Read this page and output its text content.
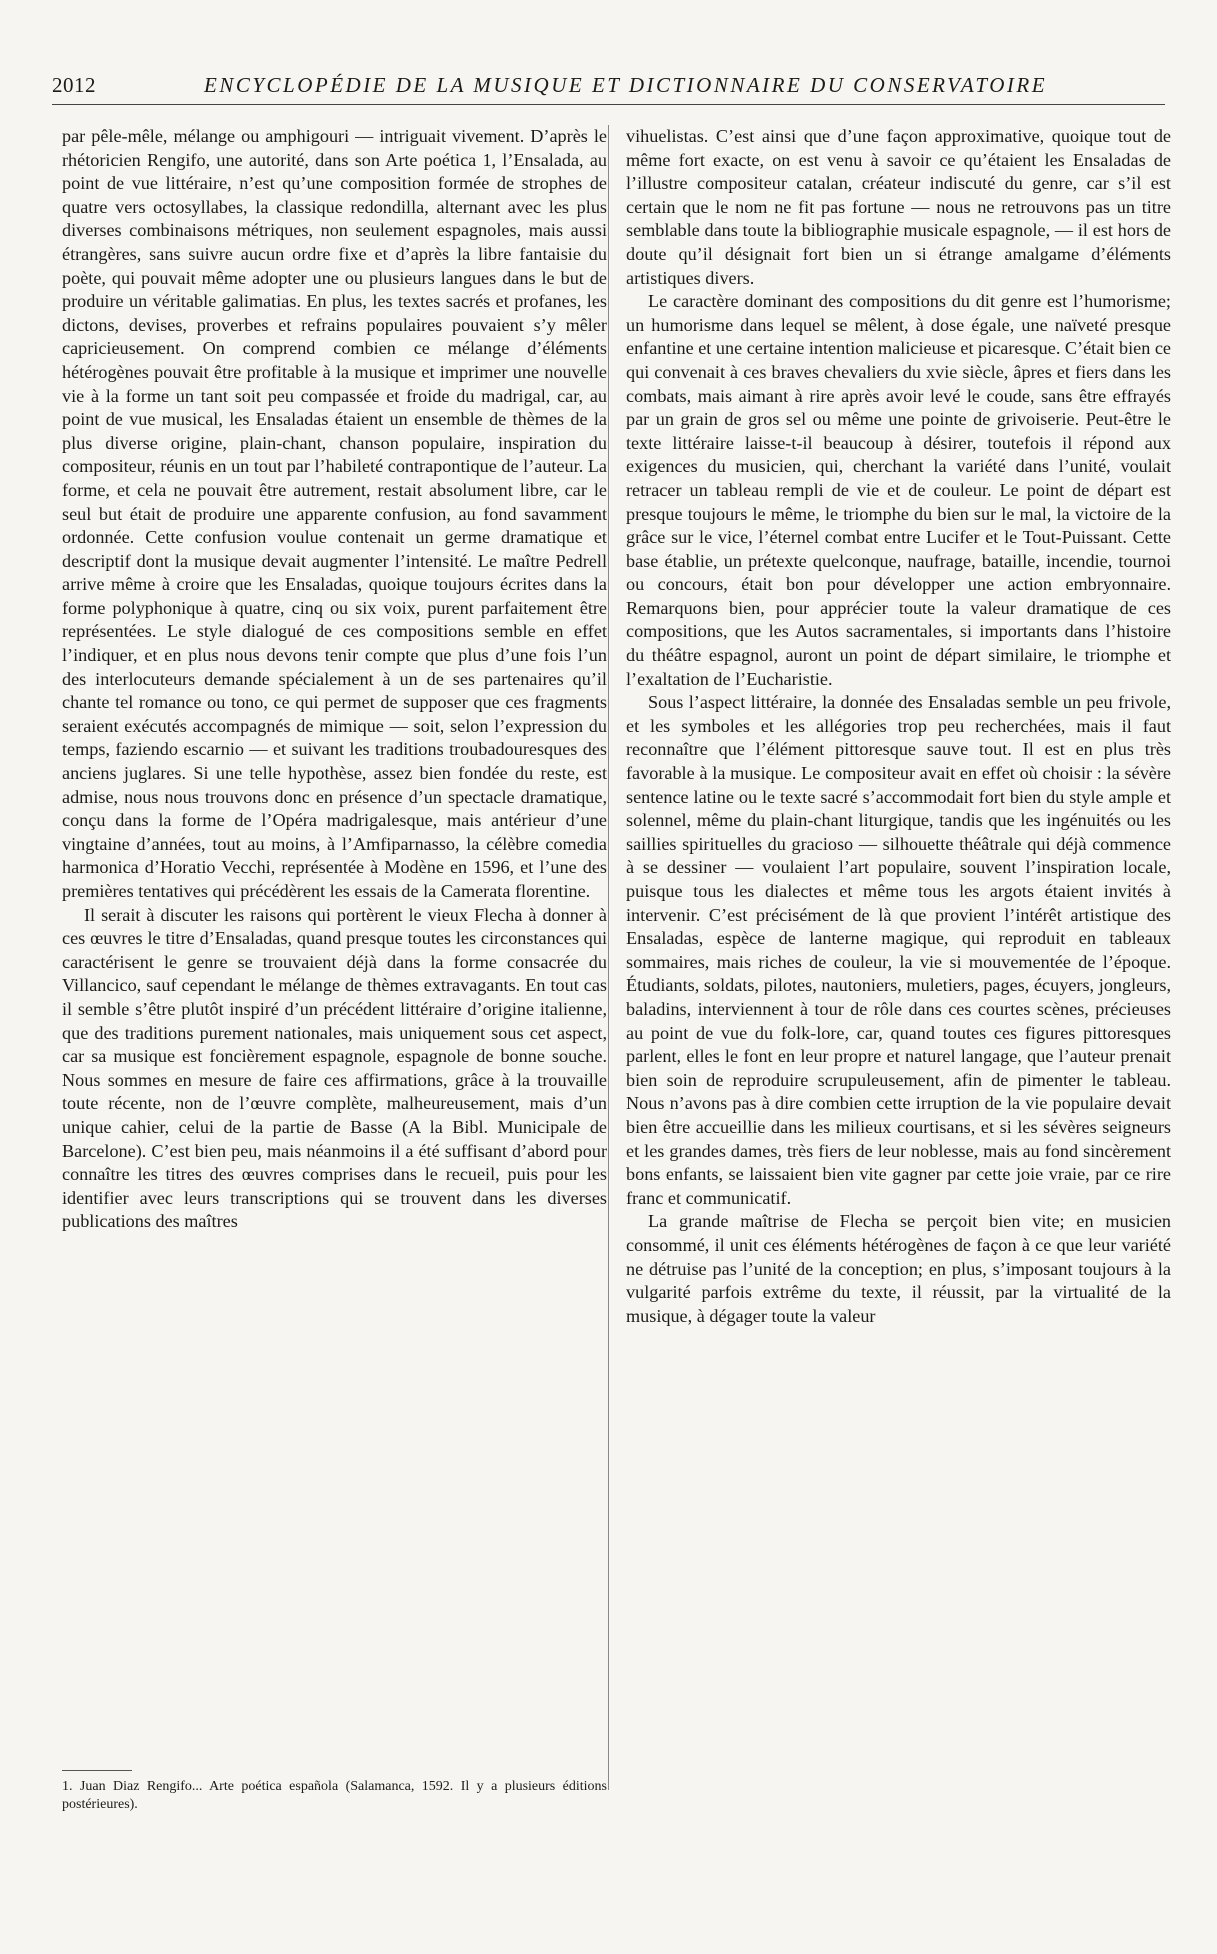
2012	ENCYCLOPÉDIE DE LA MUSIQUE ET DICTIONNAIRE DU CONSERVATOIRE

par pêle-mêle, mélange ou amphigouri — intriguait vivement. D’après le rhétoricien Rengifo, une autorité, dans son Arte poética 1, l’Ensalada, au point de vue littéraire, n’est qu’une composition formée de strophes de quatre vers octosyllabes, la classique redondilla, alternant avec les plus diverses combinaisons métriques, non seulement espagnoles, mais aussi étrangères, sans suivre aucun ordre fixe et d’après la libre fantaisie du poète, qui pouvait même adopter une ou plusieurs langues dans le but de produire un véritable galimatias. En plus, les textes sacrés et profanes, les dictons, devises, proverbes et refrains populaires pouvaient s’y mêler capricieusement. On comprend combien ce mélange d’éléments hétérogènes pouvait être profitable à la musique et imprimer une nouvelle vie à la forme un tant soit peu compassée et froide du madrigal, car, au point de vue musical, les Ensaladas étaient un ensemble de thèmes de la plus diverse origine, plain-chant, chanson populaire, inspiration du compositeur, réunis en un tout par l’habileté contrapontique de l’auteur. La forme, et cela ne pouvait être autrement, restait absolument libre, car le seul but était de produire une apparente confusion, au fond savamment ordonnée. Cette confusion voulue contenait un germe dramatique et descriptif dont la musique devait augmenter l’intensité. Le maître Pedrell arrive même à croire que les Ensaladas, quoique toujours écrites dans la forme polyphonique à quatre, cinq ou six voix, purent parfaitement être représentées. Le style dialogué de ces compositions semble en effet l’indiquer, et en plus nous devons tenir compte que plus d’une fois l’un des interlocuteurs demande spécialement à un de ses partenaires qu’il chante tel romance ou tono, ce qui permet de supposer que ces fragments seraient exécutés accompagnés de mimique — soit, selon l’expression du temps, faziendo escarnio — et suivant les traditions troubadouresques des anciens juglares. Si une telle hypothèse, assez bien fondée du reste, est admise, nous nous trouvons donc en présence d’un spectacle dramatique, conçu dans la forme de l’Opéra madrigalesque, mais antérieur d’une vingtaine d’années, tout au moins, à l’Amfiparnasso, la célèbre comedia harmonica d’Horatio Vecchi, représentée à Modène en 1596, et l’une des premières tentatives qui précédèrent les essais de la Camerata florentine.

Il serait à discuter les raisons qui portèrent le vieux Flecha à donner à ces œuvres le titre d’Ensaladas, quand presque toutes les circonstances qui caractérisent le genre se trouvaient déjà dans la forme consacrée du Villancico, sauf cependant le mélange de thèmes extravagants. En tout cas il semble s’être plutôt inspiré d’un précédent littéraire d’origine italienne, que des traditions purement nationales, mais uniquement sous cet aspect, car sa musique est foncièrement espagnole, espagnole de bonne souche. Nous sommes en mesure de faire ces affirmations, grâce à la trouvaille toute récente, non de l’œuvre complète, malheureusement, mais d’un unique cahier, celui de la partie de Basse (A la Bibl. Municipale de Barcelone). C’est bien peu, mais néanmoins il a été suffisant d’abord pour connaître les titres des œuvres comprises dans le recueil, puis pour les identifier avec leurs transcriptions qui se trouvent dans les diverses publications des maîtres

vihuelistas. C’est ainsi que d’une façon approximative, quoique tout de même fort exacte, on est venu à savoir ce qu’étaient les Ensaladas de l’illustre compositeur catalan, créateur indiscuté du genre, car s’il est certain que le nom ne fit pas fortune — nous ne retrouvons pas un titre semblable dans toute la bibliographie musicale espagnole, — il est hors de doute qu’il désignait fort bien un si étrange amalgame d’éléments artistiques divers.

Le caractère dominant des compositions du dit genre est l’humorisme; un humorisme dans lequel se mêlent, à dose égale, une naïveté presque enfantine et une certaine intention malicieuse et picaresque. C’était bien ce qui convenait à ces braves chevaliers du xvie siècle, âpres et fiers dans les combats, mais aimant à rire après avoir levé le coude, sans être effrayés par un grain de gros sel ou même une pointe de grivoiserie. Peut-être le texte littéraire laisse-t-il beaucoup à désirer, toutefois il répond aux exigences du musicien, qui, cherchant la variété dans l’unité, voulait retracer un tableau rempli de vie et de couleur. Le point de départ est presque toujours le même, le triomphe du bien sur le mal, la victoire de la grâce sur le vice, l’éternel combat entre Lucifer et le Tout-Puissant. Cette base établie, un prétexte quelconque, naufrage, bataille, incendie, tournoi ou concours, était bon pour développer une action embryonnaire. Remarquons bien, pour apprécier toute la valeur dramatique de ces compositions, que les Autos sacramentales, si importants dans l’histoire du théâtre espagnol, auront un point de départ similaire, le triomphe et l’exaltation de l’Eucharistie.

Sous l’aspect littéraire, la donnée des Ensaladas semble un peu frivole, et les symboles et les allégories trop peu recherchées, mais il faut reconnaître que l’élément pittoresque sauve tout. Il est en plus très favorable à la musique. Le compositeur avait en effet où choisir : la sévère sentence latine ou le texte sacré s’accommodait fort bien du style ample et solennel, même du plain-chant liturgique, tandis que les ingénuités ou les saillies spirituelles du gracioso — silhouette théâtrale qui déjà commence à se dessiner — voulaient l’art populaire, souvent l’inspiration locale, puisque tous les dialectes et même tous les argots étaient invités à intervenir. C’est précisément de là que provient l’intérêt artistique des Ensaladas, espèce de lanterne magique, qui reproduit en tableaux sommaires, mais riches de couleur, la vie si mouvementée de l’époque. Étudiants, soldats, pilotes, nautoniers, muletiers, pages, écuyers, jongleurs, baladins, interviennent à tour de rôle dans ces courtes scènes, précieuses au point de vue du folk-lore, car, quand toutes ces figures pittoresques parlent, elles le font en leur propre et naturel langage, que l’auteur prenait bien soin de reproduire scrupuleusement, afin de pimenter le tableau. Nous n’avons pas à dire combien cette irruption de la vie populaire devait bien être accueillie dans les milieux courtisans, et si les sévères seigneurs et les grandes dames, très fiers de leur noblesse, mais au fond sincèrement bons enfants, se laissaient bien vite gagner par cette joie vraie, par ce rire franc et communicatif.

La grande maîtrise de Flecha se perçoit bien vite; en musicien consommé, il unit ces éléments hétérogènes de façon à ce que leur variété ne détruise pas l’unité de la conception; en plus, s’imposant toujours à la vulgarité parfois extrême du texte, il réussit, par la virtualité de la musique, à dégager toute la valeur

1. Juan Diaz Rengifo... Arte poética española (Salamanca, 1592. Il y a plusieurs éditions postérieures).
